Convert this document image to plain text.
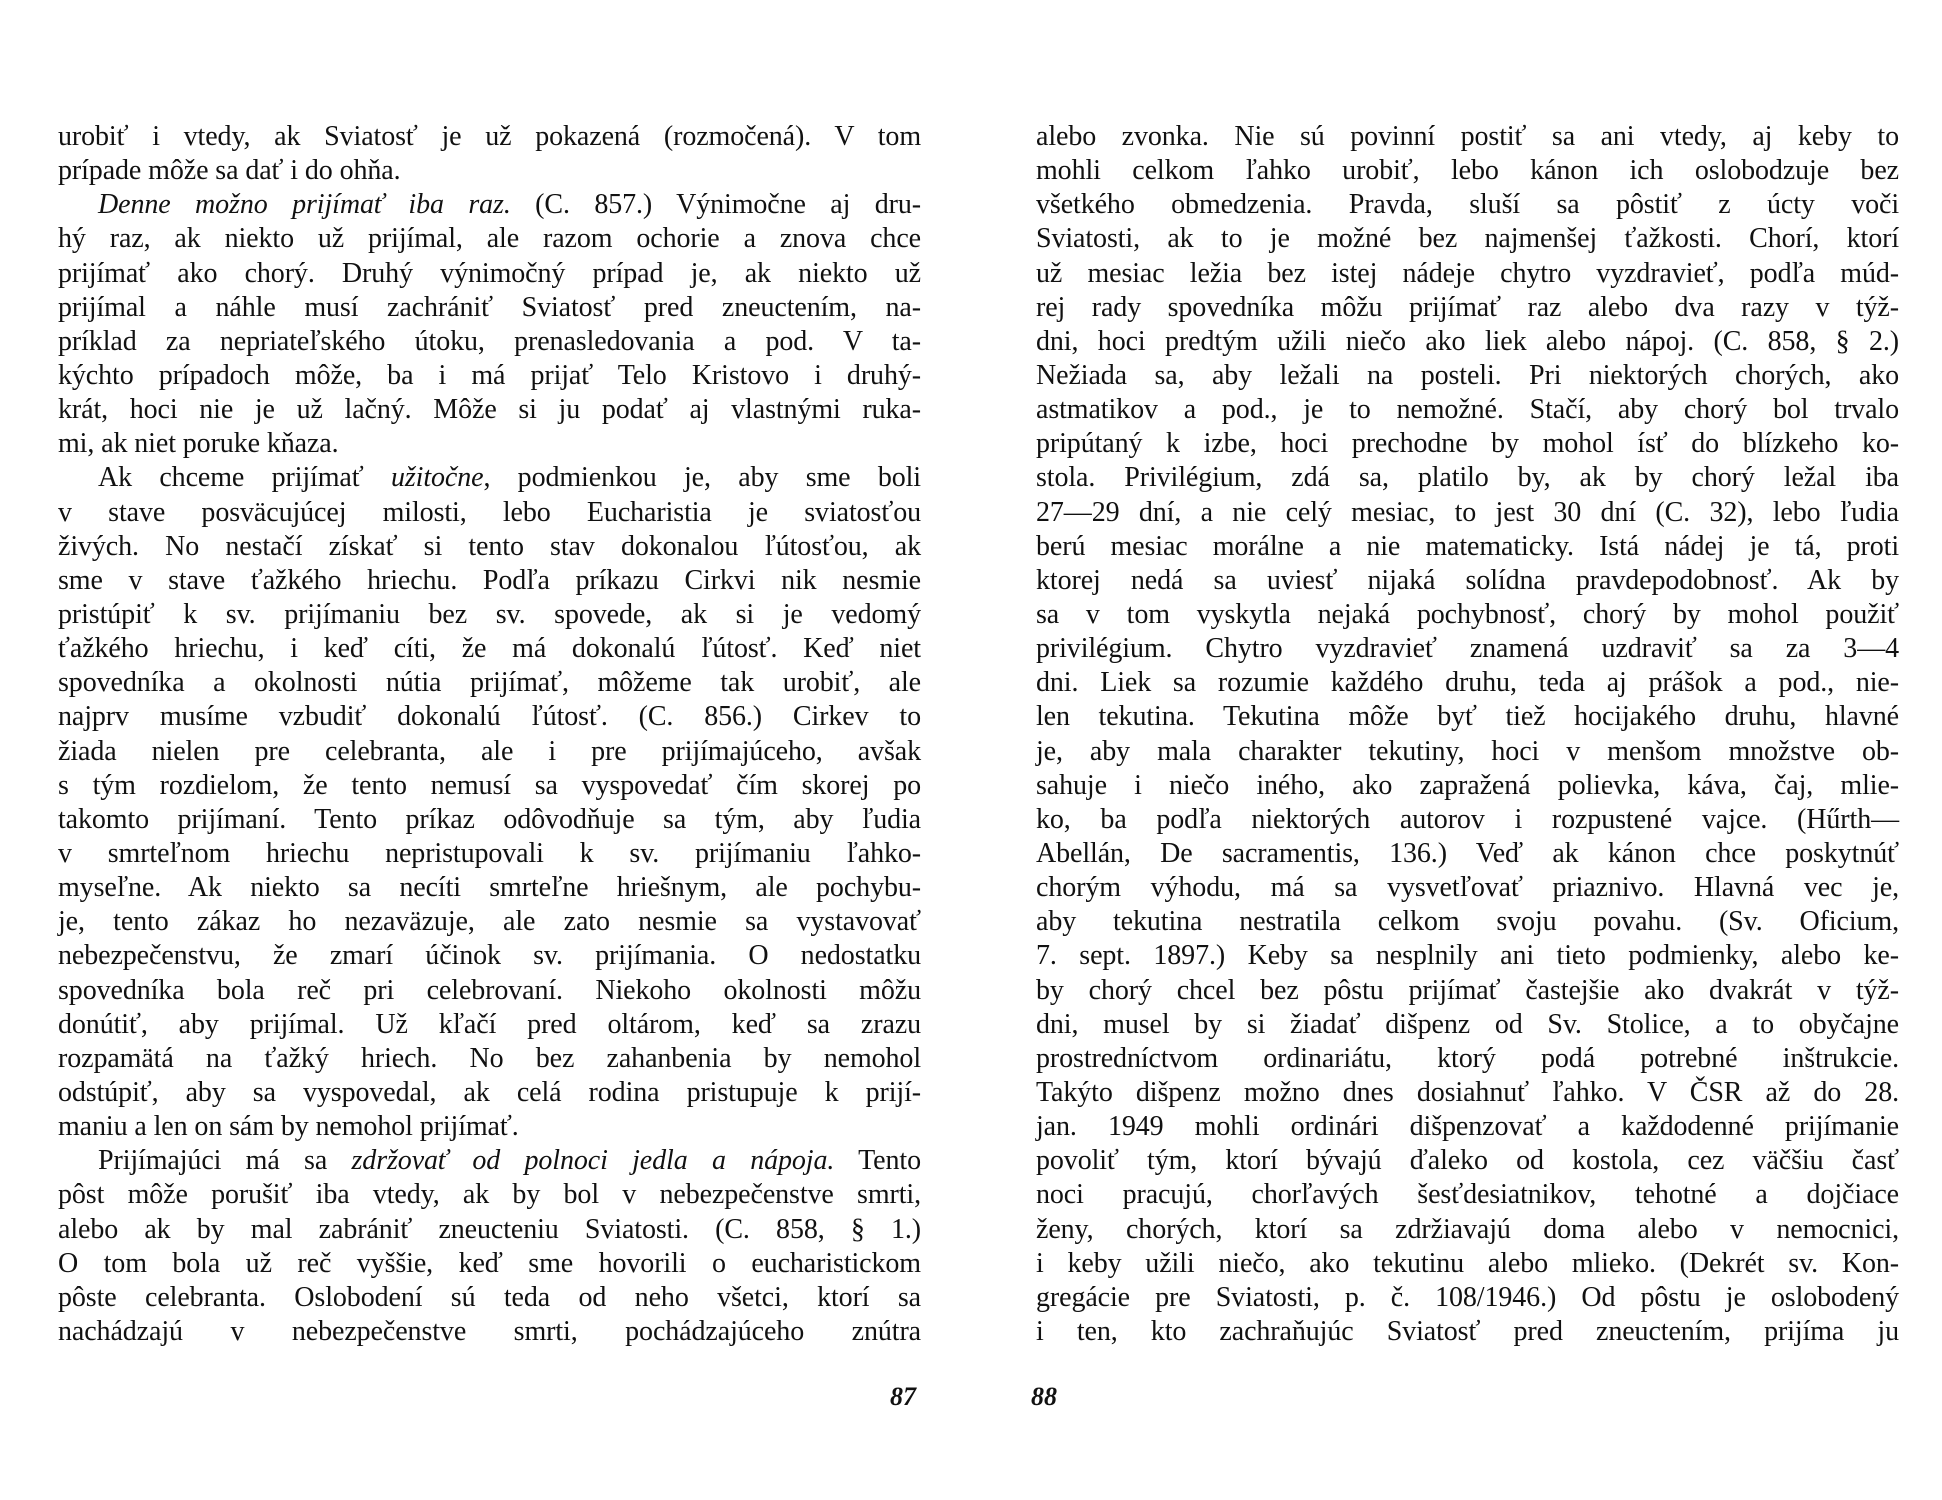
urobiť i vtedy, ak Sviatosť je už pokazená (rozmočená). V tom
prípade môže sa dať i do ohňa.
Denne možno prijímať iba raz. (C. 857.) Výnimočne aj dru-
hý raz, ak niekto už prijímal, ale razom ochorie a znova chce
prijímať ako chorý. Druhý výnimočný prípad je, ak niekto už
prijímal a náhle musí zachrániť Sviatosť pred zneuctením, na-
príklad za nepriateľského útoku, prenasledovania a pod. V ta-
kýchto prípadoch môže, ba i má prijať Telo Kristovo i druhý-
krát, hoci nie je už lačný. Môže si ju podať aj vlastnými ruka-
mi, ak niet poruke kňaza.
Ak chceme prijímať užitočne, podmienkou je, aby sme boli
v stave posväcujúcej milosti, lebo Eucharistia je sviatosťou
živých. No nestačí získať si tento stav dokonalou ľútosťou, ak
sme v stave ťažkého hriechu. Podľa príkazu Cirkvi nik nesmie
pristúpiť k sv. prijímaniu bez sv. spovede, ak si je vedomý
ťažkého hriechu, i keď cíti, že má dokonalú ľútosť. Keď niet
spovedníka a okolnosti nútia prijímať, môžeme tak urobiť, ale
najprv musíme vzbudiť dokonalú ľútosť. (C. 856.) Cirkev to
žiada nielen pre celebranta, ale i pre prijímajúceho, avšak
s tým rozdielom, že tento nemusí sa vyspovedať čím skorej po
takomto prijímaní. Tento príkaz odôvodňuje sa tým, aby ľudia
v smrteľnom hriechu nepristupovali k sv. prijímaniu ľahko-
myseľne. Ak niekto sa necíti smrteľne hriešnym, ale pochybu-
je, tento zákaz ho nezaväzuje, ale zato nesmie sa vystavovať
nebezpečenstvu, že zmarí účinok sv. prijímania. O nedostatku
spovedníka bola reč pri celebrovaní. Niekoho okolnosti môžu
donútiť, aby prijímal. Už kľačí pred oltárom, keď sa zrazu
rozpamätá na ťažký hriech. No bez zahanbenia by nemohol
odstúpiť, aby sa vyspovedal, ak celá rodina pristupuje k prijí-
maniu a len on sám by nemohol prijímať.
Prijímajúci má sa zdržovať od polnoci jedla a nápoja. Tento
pôst môže porušiť iba vtedy, ak by bol v nebezpečenstve smrti,
alebo ak by mal zabrániť zneucteniu Sviatosti. (C. 858, § 1.)
O tom bola už reč vyššie, keď sme hovorili o eucharistickom
pôste celebranta. Oslobodení sú teda od neho všetci, ktorí sa
nachádzajú v nebezpečenstve smrti, pochádzajúceho znútra
alebo zvonka. Nie sú povinní postiť sa ani vtedy, aj keby to
mohli celkom ľahko urobiť, lebo kánon ich oslobodzuje bez
všetkého obmedzenia. Pravda, sluší sa pôstiť z úcty voči
Sviatosti, ak to je možné bez najmenšej ťažkosti. Chorí, ktorí
už mesiac ležia bez istej nádeje chytro vyzdravieť, podľa múd-
rej rady spovedníka môžu prijímať raz alebo dva razy v týž-
dni, hoci predtým užili niečo ako liek alebo nápoj. (C. 858, § 2.)
Nežiada sa, aby ležali na posteli. Pri niektorých chorých, ako
astmatikov a pod., je to nemožné. Stačí, aby chorý bol trvalo
pripútaný k izbe, hoci prechodne by mohol ísť do blízkeho ko-
stola. Privilégium, zdá sa, platilo by, ak by chorý ležal iba
27—29 dní, a nie celý mesiac, to jest 30 dní (C. 32), lebo ľudia
berú mesiac morálne a nie matematicky. Istá nádej je tá, proti
ktorej nedá sa uviesť nijaká solídna pravdepodobnosť. Ak by
sa v tom vyskytla nejaká pochybnosť, chorý by mohol použiť
privilégium. Chytro vyzdravieť znamená uzdraviť sa za 3—4
dni. Liek sa rozumie každého druhu, teda aj prášok a pod., nie-
len tekutina. Tekutina môže byť tiež hocijakého druhu, hlavné
je, aby mala charakter tekutiny, hoci v menšom množstve ob-
sahuje i niečo iného, ako zapražená polievka, káva, čaj, mlie-
ko, ba podľa niektorých autorov i rozpustené vajce. (Hűrth—
Abellán, De sacramentis, 136.) Veď ak kánon chce poskytnúť
chorým výhodu, má sa vysvetľovať priaznivo. Hlavná vec je,
aby tekutina nestratila celkom svoju povahu. (Sv. Oficium,
7. sept. 1897.) Keby sa nesplnily ani tieto podmienky, alebo ke-
by chorý chcel bez pôstu prijímať častejšie ako dvakrát v týž-
dni, musel by si žiadať dišpenz od Sv. Stolice, a to obyčajne
prostredníctvom ordinariátu, ktorý podá potrebné inštrukcie.
Takýto dišpenz možno dnes dosiahnuť ľahko. V ČSR až do 28.
jan. 1949 mohli ordinári dišpenzovať a každodenné prijímanie
povoliť tým, ktorí bývajú ďaleko od kostola, cez väčšiu časť
noci pracujú, chorľavých šesťdesiatnikov, tehotné a dojčiace
ženy, chorých, ktorí sa zdržiavajú doma alebo v nemocnici,
i keby užili niečo, ako tekutinu alebo mlieko. (Dekrét sv. Kon-
gregácie pre Sviatosti, p. č. 108/1946.) Od pôstu je oslobodený
i ten, kto zachraňujúc Sviatosť pred zneuctením, prijíma ju
87	88
